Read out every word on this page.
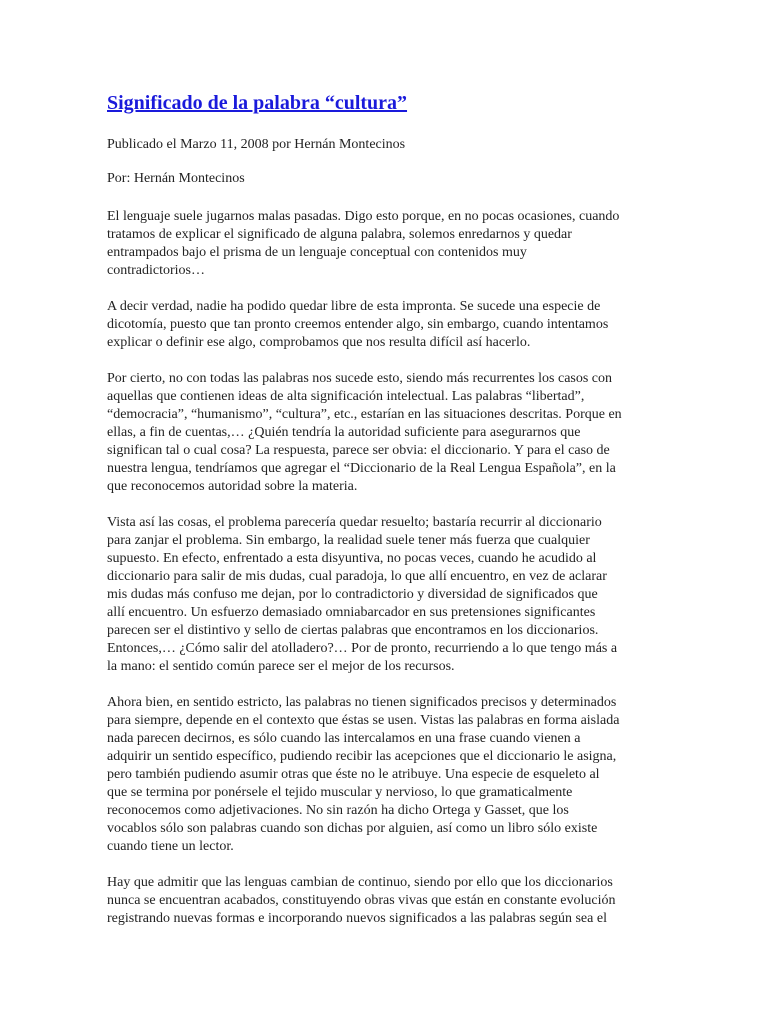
Significado de la palabra “cultura”

Publicado el Marzo 11, 2008 por Hernán Montecinos

Por: Hernán Montecinos

El lenguaje suele jugarnos malas pasadas. Digo esto porque, en no pocas ocasiones, cuando
tratamos de explicar el significado de alguna palabra, solemos enredarnos y quedar
entrampados bajo el prisma de un lenguaje conceptual con contenidos muy
contradictorios…
A decir verdad, nadie ha podido quedar libre de esta impronta. Se sucede una especie de
dicotomía, puesto que tan pronto creemos entender algo, sin embargo, cuando intentamos
explicar o definir ese algo, comprobamos que nos resulta difícil así hacerlo.
Por cierto, no con todas las palabras nos sucede esto, siendo más recurrentes los casos con
aquellas que contienen ideas de alta significación intelectual. Las palabras “libertad”,
“democracia”, “humanismo”, “cultura”, etc., estarían en las situaciones descritas. Porque en
ellas, a fin de cuentas,… ¿Quién tendría la autoridad suficiente para asegurarnos que
significan tal o cual cosa? La respuesta, parece ser obvia: el diccionario. Y para el caso de
nuestra lengua, tendríamos que agregar el “Diccionario de la Real Lengua Española”, en la
que reconocemos autoridad sobre la materia.
Vista así las cosas, el problema parecería quedar resuelto; bastaría recurrir al diccionario
para zanjar el problema. Sin embargo, la realidad suele tener más fuerza que cualquier
supuesto. En efecto, enfrentado a esta disyuntiva, no pocas veces, cuando he acudido al
diccionario para salir de mis dudas, cual paradoja, lo que allí encuentro, en vez de aclarar
mis dudas más confuso me dejan, por lo contradictorio y diversidad de significados que
allí encuentro. Un esfuerzo demasiado omniabarcador en sus pretensiones significantes
parecen ser el distintivo y sello de ciertas palabras que encontramos en los diccionarios.
Entonces,… ¿Cómo salir del atolladero?… Por de pronto, recurriendo a lo que tengo más a
la mano: el sentido común parece ser el mejor de los recursos.
Ahora bien, en sentido estricto, las palabras no tienen significados precisos y determinados
para siempre, depende en el contexto que éstas se usen. Vistas las palabras en forma aislada
nada parecen decirnos, es sólo cuando las intercalamos en una frase cuando vienen a
adquirir un sentido específico, pudiendo recibir las acepciones que el diccionario le asigna,
pero también pudiendo asumir otras que éste no le atribuye. Una especie de esqueleto al
que se termina por ponérsele el tejido muscular y nervioso, lo que gramaticalmente
reconocemos como adjetivaciones. No sin razón ha dicho Ortega y Gasset, que los
vocablos sólo son palabras cuando son dichas por alguien, así como un libro sólo existe
cuando tiene un lector.
Hay que admitir que las lenguas cambian de continuo, siendo por ello que los diccionarios
nunca se encuentran acabados, constituyendo obras vivas que están en constante evolución
registrando nuevas formas e incorporando nuevos significados a las palabras según sea el
